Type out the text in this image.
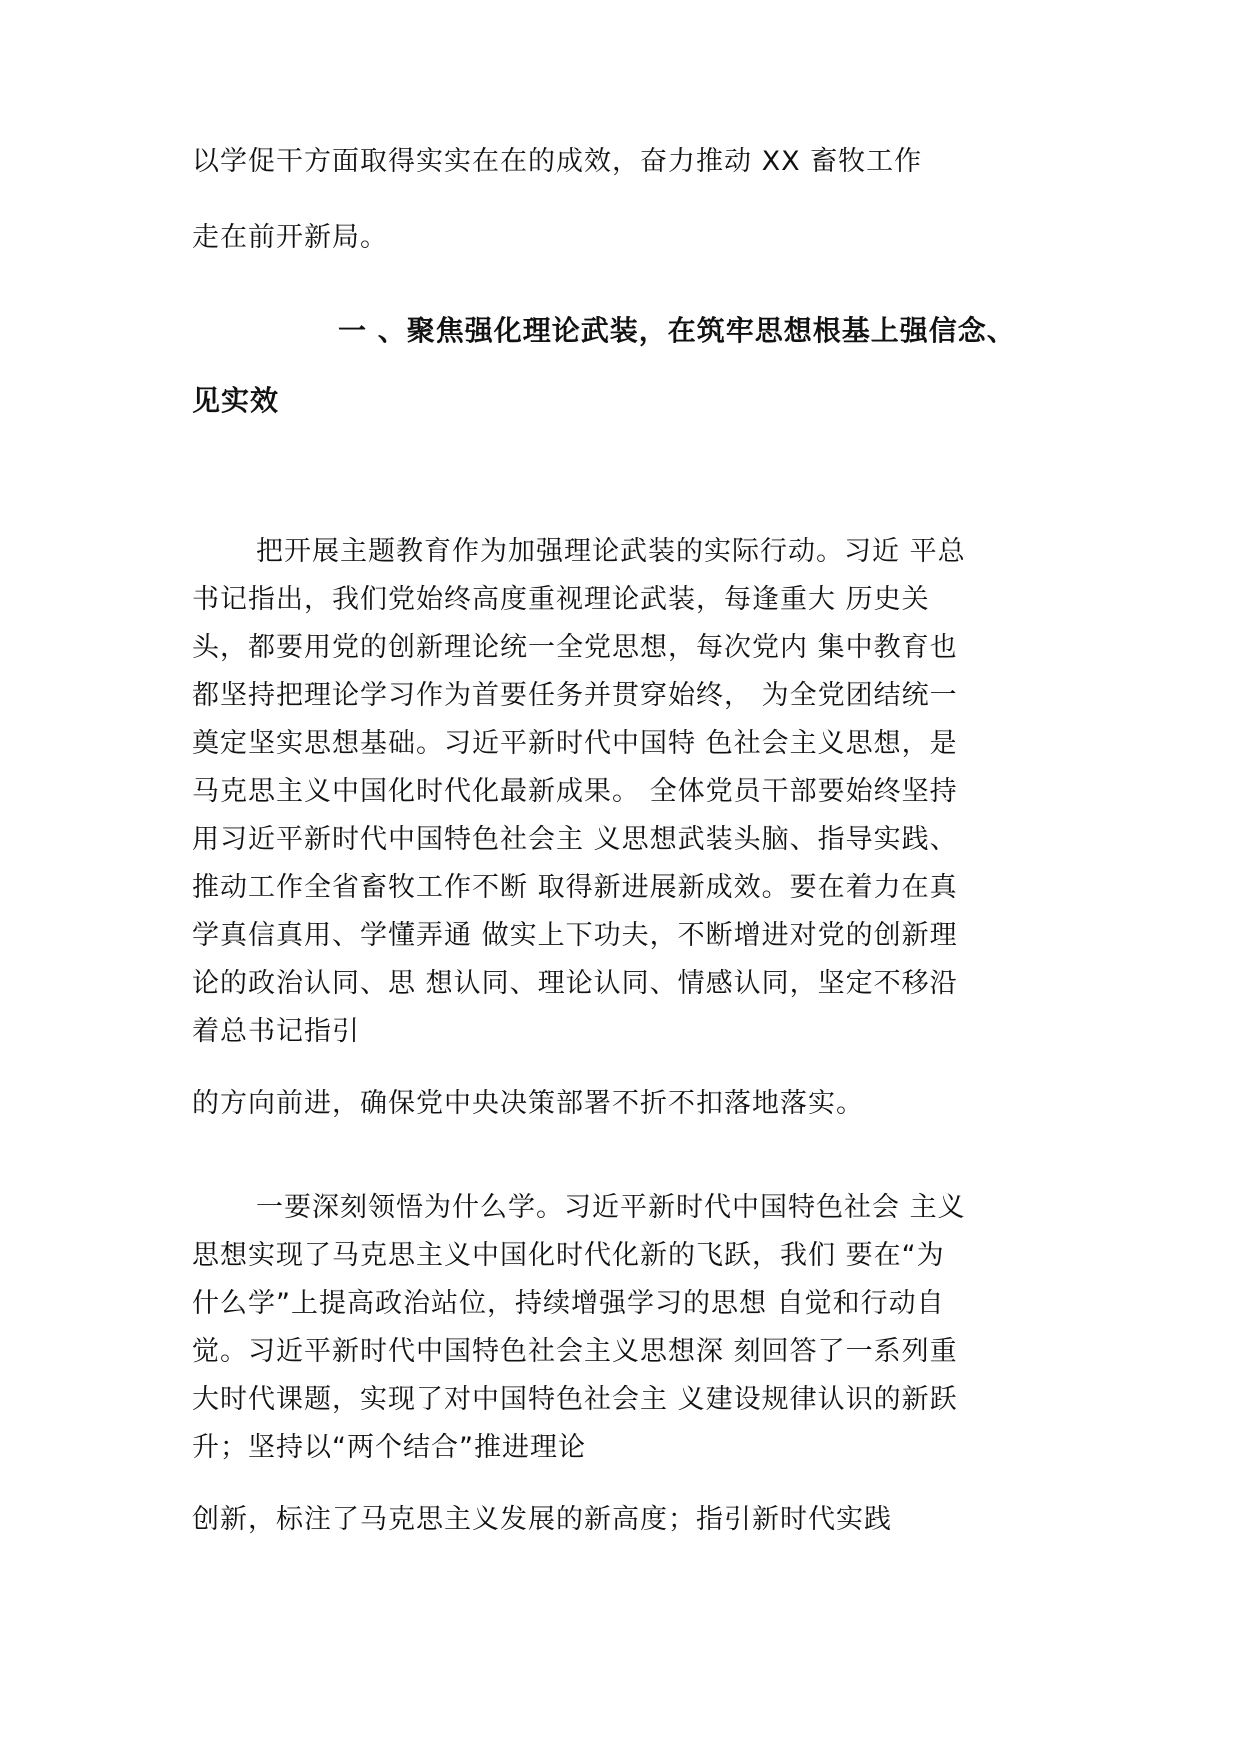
以学促干方面取得实实在在的成效，奋力推动 XX 畜牧工作
走在前开新局。
一 、聚焦强化理论武装，在筑牢思想根基上强信念、
见实效
把开展主题教育作为加强理论武装的实际行动。习近 平总
书记指出，我们党始终高度重视理论武装，每逢重大 历史关
头，都要用党的创新理论统一全党思想，每次党内 集中教育也
都坚持把理论学习作为首要任务并贯穿始终， 为全党团结统一
奠定坚实思想基础。习近平新时代中国特 色社会主义思想，是
马克思主义中国化时代化最新成果。 全体党员干部要始终坚持
用习近平新时代中国特色社会主 义思想武装头脑、指导实践、
推动工作全省畜牧工作不断 取得新进展新成效。要在着力在真
学真信真用、学懂弄通 做实上下功夫，不断增进对党的创新理
论的政治认同、思 想认同、理论认同、情感认同，坚定不移沿
着总书记指引
的方向前进，确保党中央决策部署不折不扣落地落实。
一要深刻领悟为什么学。习近平新时代中国特色社会 主义
思想实现了马克思主义中国化时代化新的飞跃，我们 要在“为
什么学”上提高政治站位，持续增强学习的思想 自觉和行动自
觉。习近平新时代中国特色社会主义思想深 刻回答了一系列重
大时代课题，实现了对中国特色社会主 义建设规律认识的新跃
升；坚持以“两个结合”推进理论
创新，标注了马克思主义发展的新高度；指引新时代实践
